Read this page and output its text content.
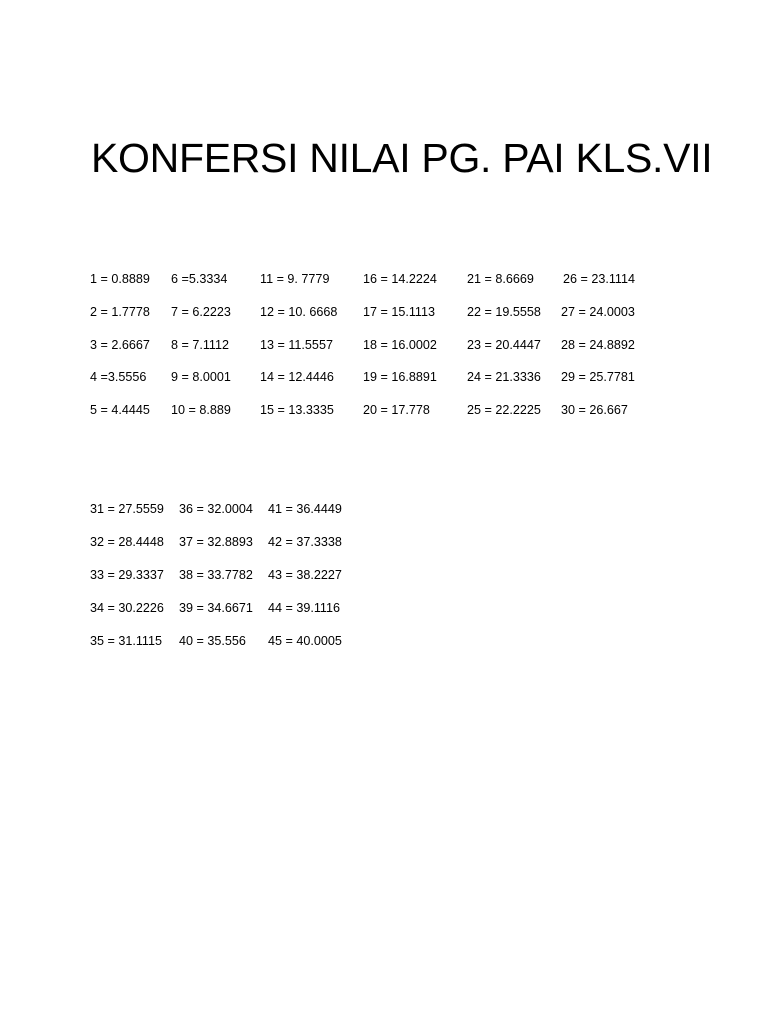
KONFERSI NILAI PG. PAI KLS.VII
1 = 0.8889
2 = 1.7778
3 = 2.6667
4 =3.5556
5 = 4.4445
6 =5.3334
7 = 6.2223
8 = 7.1112
9 = 8.0001
10 = 8.889
11 = 9. 7779
12 = 10. 6668
13 = 11.5557
14 = 12.4446
15 = 13.3335
16 = 14.2224
17 = 15.1113
18 = 16.0002
19 = 16.8891
20 = 17.778
21 = 8.6669
22 = 19.5558
23 = 20.4447
24 = 21.3336
25 = 22.2225
26 = 23.1114
27 = 24.0003
28 = 24.8892
29 = 25.7781
30 = 26.667
31 = 27.5559
32 = 28.4448
33 = 29.3337
34 = 30.2226
35 = 31.1115
36 = 32.0004
37 = 32.8893
38 = 33.7782
39 = 34.6671
40 = 35.556
41 = 36.4449
42 = 37.3338
43 = 38.2227
44 = 39.1116
45 = 40.0005
